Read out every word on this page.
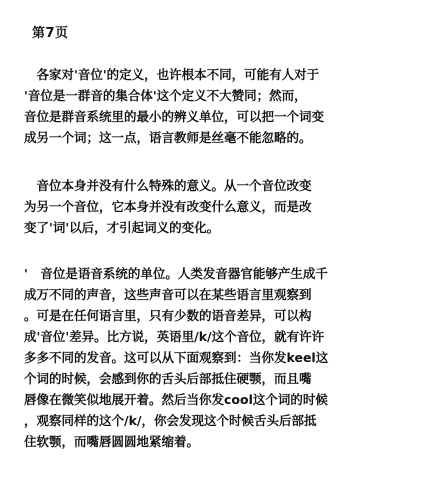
第7页
　各家对'音位'的定义，也许根本不同，可能有人对于
'音位是一群音的集合体'这个定义不大赞同；然而，
音位是群音系统里的最小的辨义单位，可以把一个词变
成另一个词；这一点，语言教师是丝毫不能忽略的。
　音位本身并没有什么特殊的意义。从一个音位改变
为另一个音位，它本身并没有改变什么意义，而是改
变了'词'以后，才引起词义的变化。
'　音位是语音系统的单位。人类发音器官能够产生成千
成万不同的声音，这些声音可以在某些语言里观察到
。可是在任何语言里，只有少数的语音差异，可以构
成'音位'差异。比方说，英语里/k/这个音位，就有许许
多多不同的发音。这可以从下面观察到：当你发keel这
个词的时候，会感到你的舌头后部抵住硬颚，而且嘴
唇像在微笑似地展开着。然后当你发cool这个词的时候
，观察同样的这个/k/，你会发现这个时候舌头后部抵
住软颚，而嘴唇圆圆地紧缩着。
